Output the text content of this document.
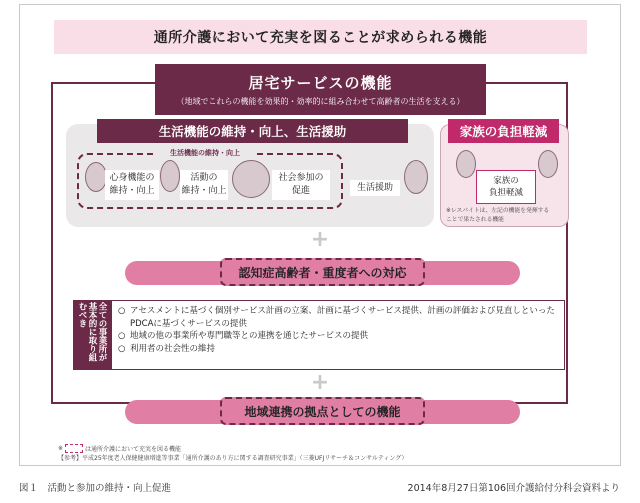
通所介護において充実を図ることが求められる機能
居宅サービスの機能
（地域でこれらの機能を効果的・効率的に組み合わせて高齢者の生活を支える）
生活機能の維持・向上、生活援助
生活機能の維持・向上
心身機能の
維持・向上
活動の
維持・向上
社会参加の
促進	生活援助
家族の負担軽減
家族の
負担軽減
※レスパイトは、左記の機能を発揮する
ことで果たされる機能
+
認知症高齢者・重度者への対応
全ての事業所が基本的に取り組むべき	○ アセスメントに基づく個別サービス計画の立案、計画に基づくサービス提供、計画の評価および見直しといったPDCAに基づくサービスの提供
○ 地域の他の事業所や専門職等との連携を通じたサービスの提供
○ 利用者の社会性の維持
+
地域連携の拠点としての機能
※	は通所介護において充実を図る機能
【参考】平成25年度老人保健健康増進等事業「通所介護のあり方に関する調査研究事業」（三菱UFJリサーチ＆コンサルティング）
図１　活動と参加の維持・向上促進	2014年8月27日第106回介護給付分科会資料より
